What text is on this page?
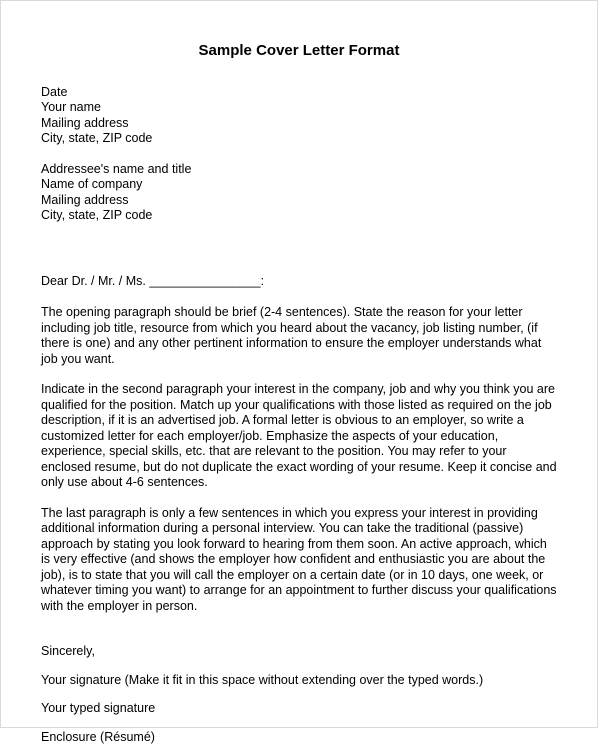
Sample Cover Letter Format
Date
Your name
Mailing address
City, state, ZIP code
Addressee's name and title
Name of company
Mailing address
City, state, ZIP code
Dear Dr. / Mr. / Ms. ________________:

The opening paragraph should be brief (2-4 sentences). State the reason for your letter including job title, resource from which you heard about the vacancy, job listing number, (if there is one) and any other pertinent information to ensure the employer understands what job you want.

Indicate in the second paragraph your interest in the company, job and why you think you are qualified for the position. Match up your qualifications with those listed as required on the job description, if it is an advertised job. A formal letter is obvious to an employer, so write a customized letter for each employer/job. Emphasize the aspects of your education, experience, special skills, etc. that are relevant to the position. You may refer to your enclosed resume, but do not duplicate the exact wording of your resume. Keep it concise and only use about 4-6 sentences.

The last paragraph is only a few sentences in which you express your interest in providing additional information during a personal interview. You can take the traditional (passive) approach by stating you look forward to hearing from them soon. An active approach, which is very effective (and shows the employer how confident and enthusiastic you are about the job), is to state that you will call the employer on a certain date (or in 10 days, one week, or whatever timing you want) to arrange for an appointment to further discuss your qualifications with the employer in person.

Sincerely,
Your signature (Make it fit in this space without extending over the typed words.)
Your typed signature
Enclosure (Résumé)
